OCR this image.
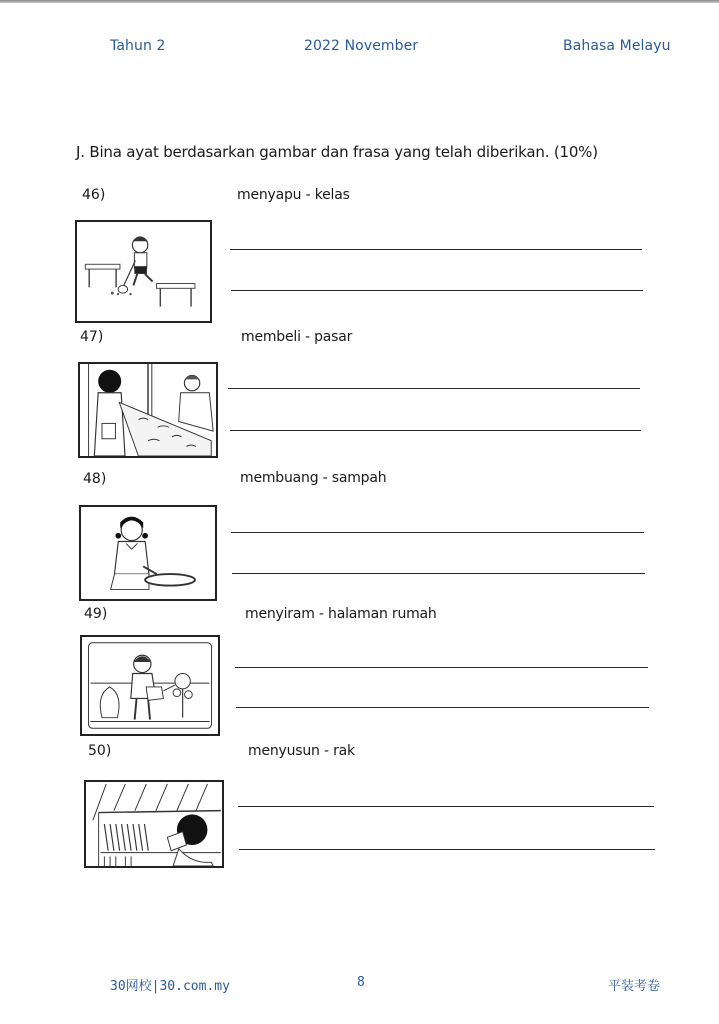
Tahun 2	2022 November	Bahasa Melayu
J. Bina ayat berdasarkan gambar dan frasa yang telah diberikan. (10%)
46)	menyapu - kelas
47)	membeli - pasar
48)	membuang - sampah
49)	menyiram - halaman rumah
50)	menyusun - rak
30网校|30.com.my	8	平装考卷
